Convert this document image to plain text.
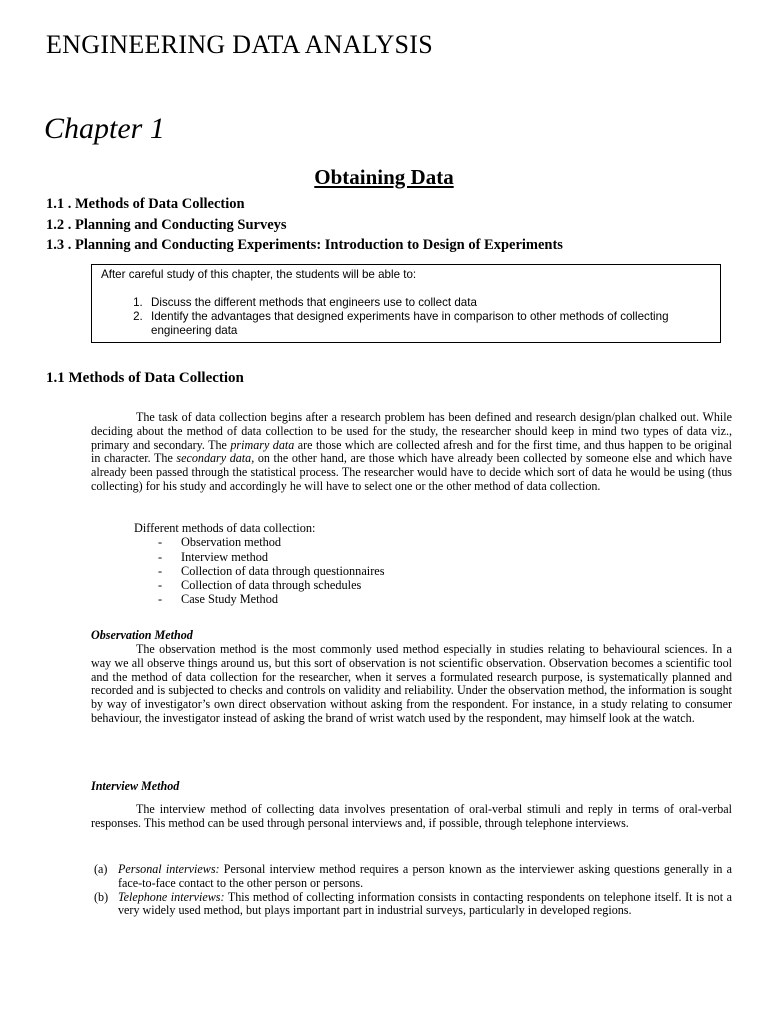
ENGINEERING DATA ANALYSIS
Chapter 1
Obtaining Data
1.1 . Methods of Data Collection
1.2 . Planning and Conducting Surveys
1.3 . Planning and Conducting Experiments: Introduction to Design of Experiments
After careful study of this chapter, the students will be able to:
1. Discuss the different methods that engineers use to collect data
2. Identify the advantages that designed experiments have in comparison to other methods of collecting engineering data
1.1 Methods of Data Collection
The task of data collection begins after a research problem has been defined and research design/plan chalked out. While deciding about the method of data collection to be used for the study, the researcher should keep in mind two types of data viz., primary and secondary. The primary data are those which are collected afresh and for the first time, and thus happen to be original in character. The secondary data, on the other hand, are those which have already been collected by someone else and which have already been passed through the statistical process. The researcher would have to decide which sort of data he would be using (thus collecting) for his study and accordingly he will have to select one or the other method of data collection.
Different methods of data collection:
- Observation method
- Interview method
- Collection of data through questionnaires
- Collection of data through schedules
- Case Study Method
Observation Method
The observation method is the most commonly used method especially in studies relating to behavioural sciences. In a way we all observe things around us, but this sort of observation is not scientific observation. Observation becomes a scientific tool and the method of data collection for the researcher, when it serves a formulated research purpose, is systematically planned and recorded and is subjected to checks and controls on validity and reliability. Under the observation method, the information is sought by way of investigator’s own direct observation without asking from the respondent. For instance, in a study relating to consumer behaviour, the investigator instead of asking the brand of wrist watch used by the respondent, may himself look at the watch.
Interview Method
The interview method of collecting data involves presentation of oral-verbal stimuli and reply in terms of oral-verbal responses. This method can be used through personal interviews and, if possible, through telephone interviews.
(a) Personal interviews: Personal interview method requires a person known as the interviewer asking questions generally in a face-to-face contact to the other person or persons.
(b) Telephone interviews: This method of collecting information consists in contacting respondents on telephone itself. It is not a very widely used method, but plays important part in industrial surveys, particularly in developed regions.
